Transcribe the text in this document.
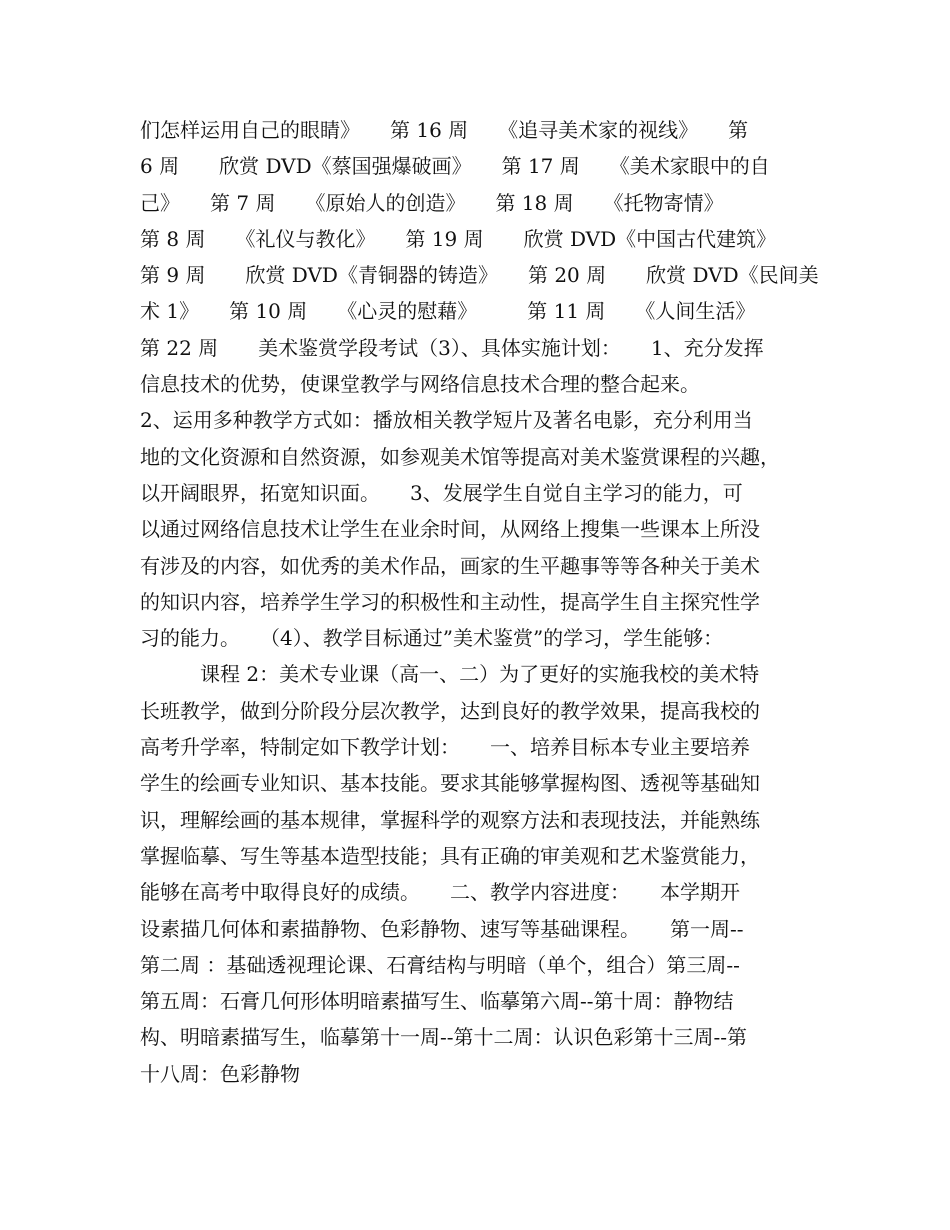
们怎样运用自己的眼睛》　　第 16 周　　《追寻美术家的视线》　　第
6 周　　欣赏 DVD《蔡国强爆破画》　　第 17 周　　《美术家眼中的自
己》　　第 7 周　　《原始人的创造》　　第 18 周　　《托物寄情》
第 8 周　　《礼仪与教化》　　第 19 周　　欣赏 DVD《中国古代建筑》
第 9 周　　欣赏 DVD《青铜器的铸造》　　第 20 周　　欣赏 DVD《民间美
术 1》　　第 10 周　　《心灵的慰藉》　　　第 11 周　　《人间生活》
第 22 周　　美术鉴赏学段考试（3）、具体实施计划：　　1、充分发挥
信息技术的优势，使课堂教学与网络信息技术合理的整合起来。
2、运用多种教学方式如：播放相关教学短片及著名电影，充分利用当
地的文化资源和自然资源，如参观美术馆等提高对美术鉴赏课程的兴趣，
以开阔眼界，拓宽知识面。　　3、发展学生自觉自主学习的能力，可
以通过网络信息技术让学生在业余时间，从网络上搜集一些课本上所没
有涉及的内容，如优秀的美术作品，画家的生平趣事等等各种关于美术
的知识内容，培养学生学习的积极性和主动性，提高学生自主探究性学
习的能力。　　（4）、教学目标通过”美术鉴赏”的学习，学生能够：
　　　课程 2：美术专业课（高一、二）为了更好的实施我校的美术特
长班教学，做到分阶段分层次教学，达到良好的教学效果，提高我校的
高考升学率，特制定如下教学计划：　　一、培养目标本专业主要培养
学生的绘画专业知识、基本技能。要求其能够掌握构图、透视等基础知
识，理解绘画的基本规律，掌握科学的观察方法和表现技法，并能熟练
掌握临摹、写生等基本造型技能；具有正确的审美观和艺术鉴赏能力，
能够在高考中取得良好的成绩。　　二、教学内容进度：　　本学期开
设素描几何体和素描静物、色彩静物、速写等基础课程。　　第一周--
第二周 ：基础透视理论课、石膏结构与明暗（单个，组合）第三周--
第五周：石膏几何形体明暗素描写生、临摹第六周--第十周：静物结
构、明暗素描写生，临摹第十一周--第十二周：认识色彩第十三周--第
十八周：色彩静物
